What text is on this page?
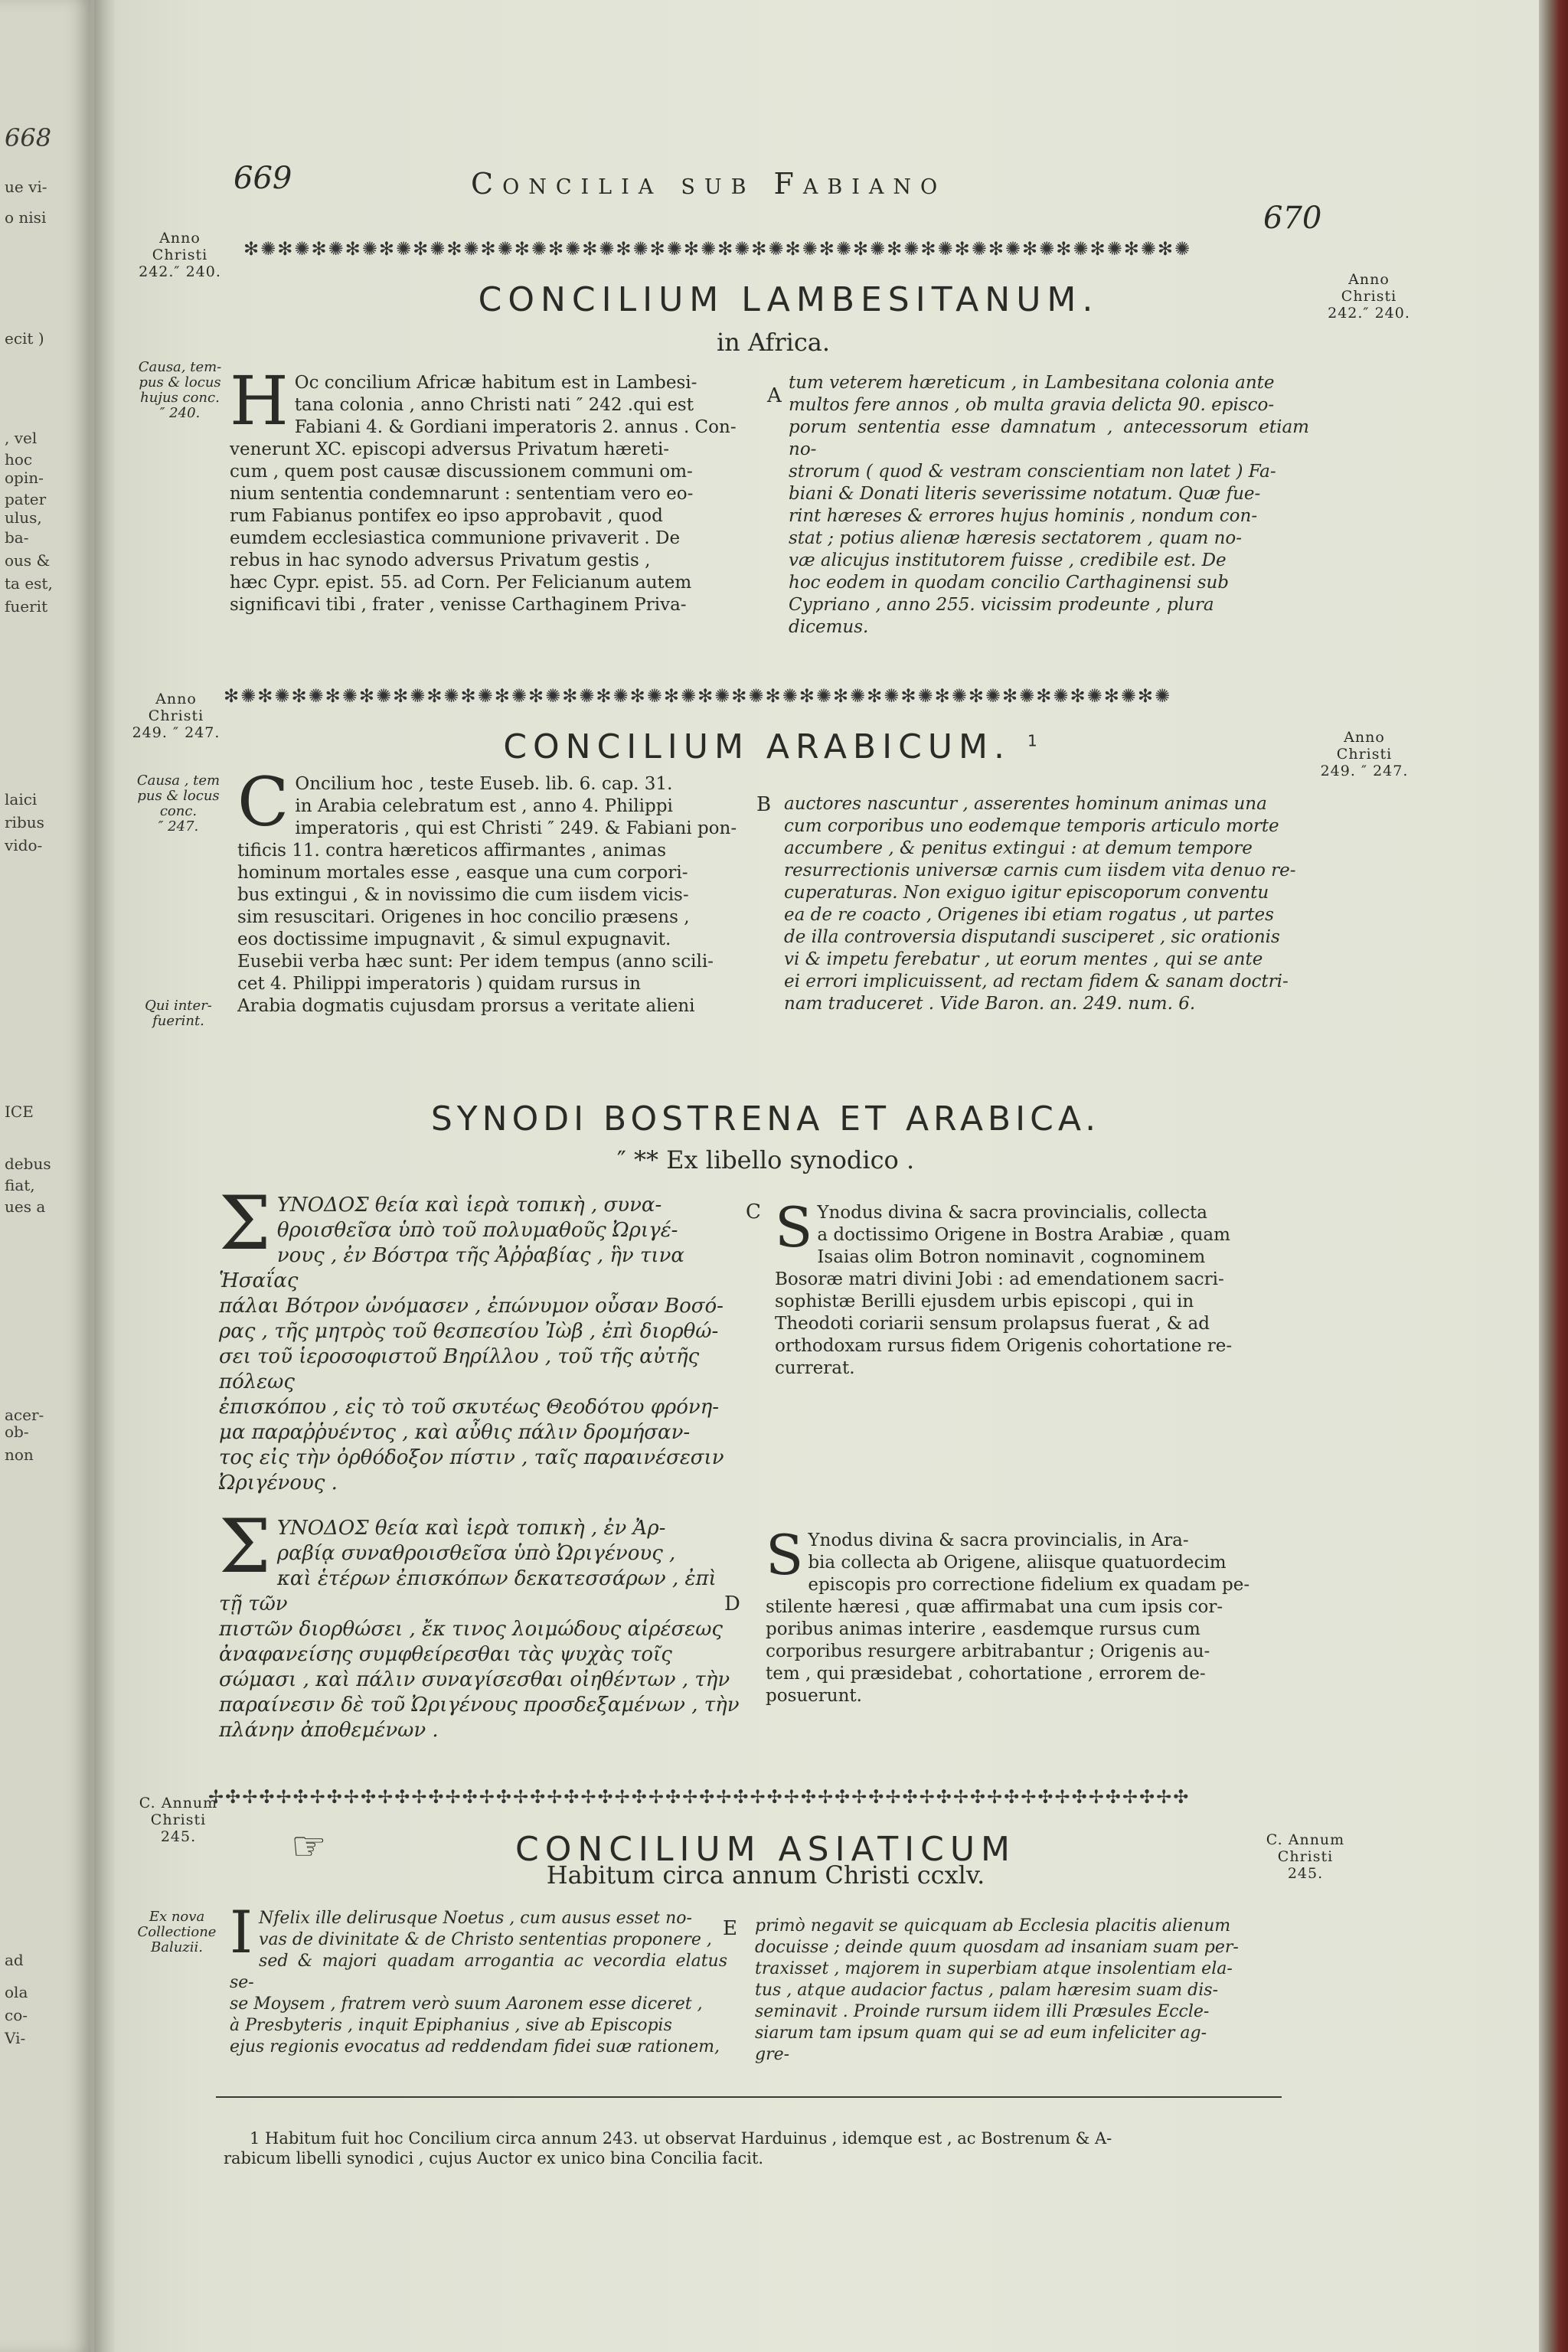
668
ue vi-
o nisi
ecit )
, vel
hoc
opin-
pater
ulus,
ba-
ous &
ta est,
fuerit
laici
ribus
vido-
ICE
debus
fiat,
ues a
acer-
ob-
non
ad
ola
co-
Vi-
669	Concilia sub Fabiano
670
Anno
Christi
242.″ 240.
✻✺✻✺✻✺✻✺✻✺✻✺✻✺✻✺✻✺✻✺✻✺✻✺✻✺✻✺✻✺✻✺✻✺✻✺✻✺✻✺✻✺✻✺✻✺✻✺✻✺✻✺✻✺✻✺
Anno
Christi
242.″ 240.
CONCILIUM LAMBESITANUM.
in Africa.
Causa, tem-
pus & locus
hujus conc.
″ 240. H Oc concilium Africæ habitum est in Lambesi-
tana colonia , anno Christi nati ″ 242 .qui est
Fabiani 4. & Gordiani imperatoris 2. annus . Con-
venerunt XC. episcopi adversus Privatum hæreti-
cum , quem post causæ discussionem communi om-
nium sententia condemnarunt : sententiam vero eo-
rum Fabianus pontifex eo ipso approbavit , quod
eumdem ecclesiastica communione privaverit . De
rebus in hac synodo adversus Privatum gestis ,
hæc Cypr. epist. 55. ad Corn. Per Felicianum autem
significavi tibi , frater , venisse Carthaginem Priva-
A
tum veterem hæreticum , in Lambesitana colonia ante
multos fere annos , ob multa gravia delicta 90. episco-
porum sententia esse damnatum , antecessorum etiam no-
strorum ( quod & vestram conscientiam non latet ) Fa-
biani & Donati literis severissime notatum. Quæ fue-
rint hæreses & errores hujus hominis , nondum con-
stat ; potius alienæ hæresis sectatorem , quam no-
væ alicujus institutorem fuisse , credibile est. De
hoc eodem in quodam concilio Carthaginensi sub
Cypriano , anno 255. vicissim prodeunte , plura
dicemus.
Anno
Christi
249. ″ 247.
✻✺✻✺✻✺✻✺✻✺✻✺✻✺✻✺✻✺✻✺✻✺✻✺✻✺✻✺✻✺✻✺✻✺✻✺✻✺✻✺✻✺✻✺✻✺✻✺✻✺✻✺✻✺✻✺
Anno
Christi
249. ″ 247.
CONCILIUM ARABICUM. $^1$
Causa , tem
pus & locus
conc.
″ 247.
Qui inter-
fuerint.
C Oncilium hoc , teste Euseb. lib. 6. cap. 31.
in Arabia celebratum est , anno 4. Philippi
imperatoris , qui est Christi ″ 249. & Fabiani pon-
tificis 11. contra hæreticos affirmantes , animas
hominum mortales esse , easque una cum corpori-
bus extingui , & in novissimo die cum iisdem vicis-
sim resuscitari. Origenes in hoc concilio præsens ,
eos doctissime impugnavit , & simul expugnavit.
Eusebii verba hæc sunt: Per idem tempus (anno scili-
cet 4. Philippi imperatoris ) quidam rursus in
Arabia dogmatis cujusdam prorsus a veritate alieni
B auctores nascuntur , asserentes hominum animas una
cum corporibus uno eodemque temporis articulo morte
accumbere , & penitus extingui : at demum tempore
resurrectionis universæ carnis cum iisdem vita denuo re-
cuperaturas. Non exiguo igitur episcoporum conventu
ea de re coacto , Origenes ibi etiam rogatus , ut partes
de illa controversia disputandi susciperet , sic orationis
vi & impetu ferebatur , ut eorum mentes , qui se ante
ei errori implicuissent, ad rectam fidem & sanam doctri-
nam traduceret . Vide Baron. an. 249. num. 6.
SYNODI BOSTRENA ET ARABICA.
″ ** Ex libello synodico .
Σ ΥΝΟΔΟΣ θεία καὶ ἱερὰ τοπικὴ , συνα-
θροισθεῖσα ὑπὸ τοῦ πολυμαθοῦς Ὠριγέ-
νους , ἐν Βόστρα τῆς Ἀῤῥαβίας , ἣν τινα Ἡσαΐας
πάλαι Βότρον ὠνόμασεν , ἐπώνυμον οὖσαν Βοσό-
ρας , τῆς μητρὸς τοῦ θεσπεσίου Ἰὼβ , ἐπὶ διορθώ-
σει τοῦ ἱεροσοφιστοῦ Βηρίλλου , τοῦ τῆς αὐτῆς πόλεως
ἐπισκόπου , εἰς τὸ τοῦ σκυτέως Θεοδότου φρόνη-
μα παραῤῥυέντος , καὶ αὖθις πάλιν δρομήσαν-
τος εἰς τὴν ὀρθόδοξον πίστιν , ταῖς παραινέσεσιν
Ὠριγένους .
C S Ynodus divina & sacra provincialis, collecta
a doctissimo Origene in Bostra Arabiæ , quam
Isaias olim Botron nominavit , cognominem
Bosoræ matri divini Jobi : ad emendationem sacri-
sophistæ Berilli ejusdem urbis episcopi , qui in
Theodoti coriarii sensum prolapsus fuerat , & ad
orthodoxam rursus fidem Origenis cohortatione re-
currerat.
Σ ΥΝΟΔΟΣ θεία καὶ ἱερὰ τοπικὴ , ἐν Ἀρ-
ραβίᾳ συναθροισθεῖσα ὑπὸ Ὠριγένους ,
καὶ ἑτέρων ἐπισκόπων δεκατεσσάρων , ἐπὶ τῇ τῶν
πιστῶν διορθώσει , ἔκ τινος λοιμώδους αἱρέσεως
ἀναφανείσης συμφθείρεσθαι τὰς ψυχὰς τοῖς
σώμασι , καὶ πάλιν συναγίσεσθαι οἰηθέντων , τὴν
παραίνεσιν δὲ τοῦ Ὠριγένους προσδεξαμένων , τὴν
πλάνην ἀποθεμένων .
D
S Ynodus divina & sacra provincialis, in Ara-
bia collecta ab Origene, aliisque quatuordecim
episcopis pro correctione fidelium ex quadam pe-
stilente hæresi , quæ affirmabat una cum ipsis cor-
poribus animas interire , easdemque rursus cum
corporibus resurgere arbitrabantur ; Origenis au-
tem , qui præsidebat , cohortatione , errorem de-
posuerunt.
C. Annum
Christi
245.
✢✣✢✣✢✣✢✣✢✣✢✣✢✣✢✣✢✣✢✣✢✣✢✣✢✣✢✣✢✣✢✣✢✣✢✣✢✣✢✣✢✣✢✣✢✣✢✣✢✣✢✣✢✣✢✣✢✣
C. Annum
Christi
245.
☞	CONCILIUM ASIATICUM
Habitum circa annum Christi ccxlv.
Ex nova
Collectione
Baluzii. I Nfelix ille delirusque Noetus , cum ausus esset no-
vas de divinitate & de Christo sententias proponere ,
sed & majori quadam arrogantia ac vecordia elatus se-
se Moysem , fratrem verò suum Aaronem esse diceret ,
à Presbyteris , inquit Epiphanius , sive ab Episcopis
ejus regionis evocatus ad reddendam fidei suæ rationem,
E primò negavit se quicquam ab Ecclesia placitis alienum
docuisse ; deinde quum quosdam ad insaniam suam per-
traxisset , majorem in superbiam atque insolentiam ela-
tus , atque audacior factus , palam hæresim suam dis-
seminavit . Proinde rursum iidem illi Præsules Eccle-
siarum tam ipsum quam qui se ad eum infeliciter ag-
gre-
1 Habitum fuit hoc Concilium circa annum 243. ut observat Harduinus , idemque est , ac Bostrenum & A-
rabicum libelli synodici , cujus Auctor ex unico bina Concilia facit.
